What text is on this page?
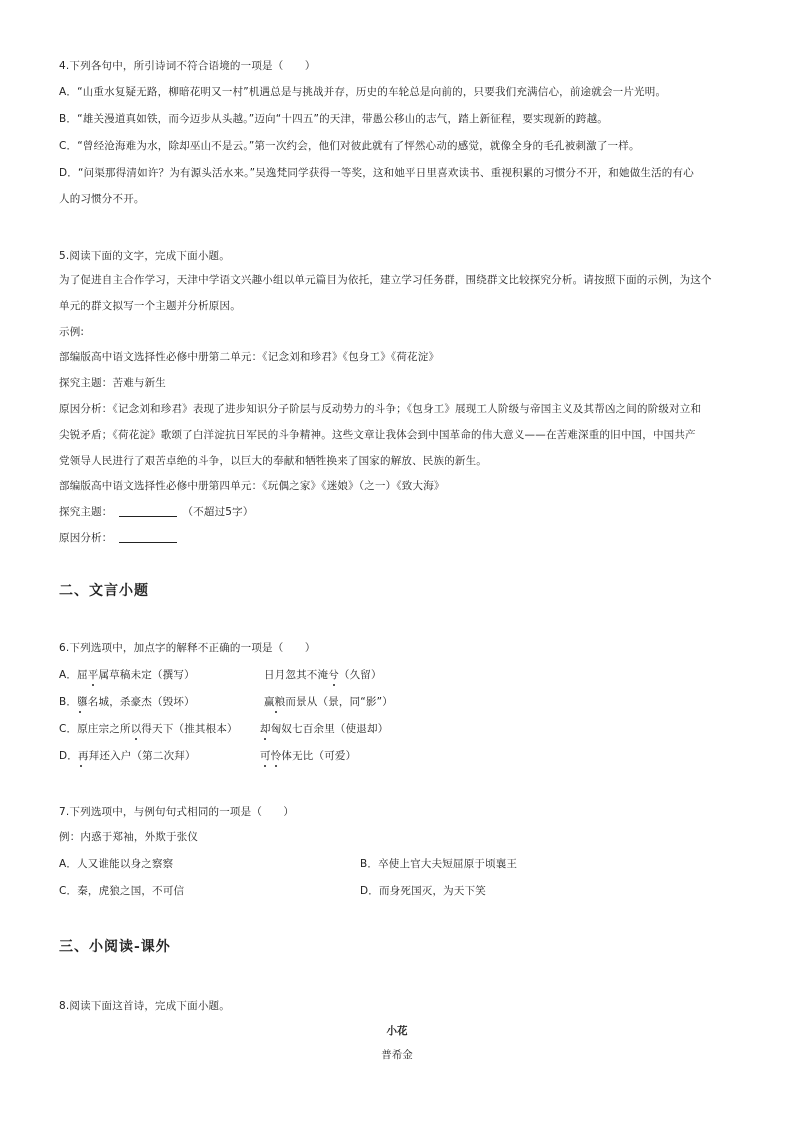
4.下列各句中，所引诗词不符合语境的一项是（　　）
A．“山重水复疑无路，柳暗花明又一村”机遇总是与挑战并存，历史的车轮总是向前的，只要我们充满信心，前途就会一片光明。
B．“雄关漫道真如铁，而今迈步从头越。”迈向“十四五”的天津，带愚公移山的志气，踏上新征程，要实现新的跨越。
C．“曾经沧海难为水，除却巫山不是云。”第一次约会，他们对彼此就有了怦然心动的感觉，就像全身的毛孔被刺激了一样。
D．“问渠那得清如许？为有源头活水来。”吴逸梵同学获得一等奖，这和她平日里喜欢读书、重视积累的习惯分不开，和她做生活的有心
人的习惯分不开。
5.阅读下面的文字，完成下面小题。
为了促进自主合作学习，天津中学语文兴趣小组以单元篇目为依托，建立学习任务群，围绕群文比较探究分析。请按照下面的示例，为这个
单元的群文拟写一个主题并分析原因。
示例:
部编版高中语文选择性必修中册第二单元：《记念刘和珍君》《包身工》《荷花淀》
探究主题：苦难与新生
原因分析：《记念刘和珍君》表现了进步知识分子阶层与反动势力的斗争；《包身工》展现工人阶级与帝国主义及其帮凶之间的阶级对立和
尖锐矛盾；《荷花淀》歌颂了白洋淀抗日军民的斗争精神。这些文章让我体会到中国革命的伟大意义——在苦难深重的旧中国，中国共产
党领导人民进行了艰苦卓绝的斗争，以巨大的奉献和牺牲换来了国家的解放、民族的新生。
部编版高中语文选择性必修中册第四单元：《玩偶之家》《迷娘》（之一）《致大海》
探究主题：	（不超过5字）
原因分析：
二、文言小题
6.下列选项中，加点字的解释不正确的一项是（　　）
A．屈平属草稿未定（撰写）	日月忽其不淹兮（久留）
B．隳名城，杀豪杰（毁坏）	赢粮而景从（景，同“影”）
C．原庄宗之所以得天下（推其根本） 却匈奴七百余里（使退却）
D．再拜还入户（第二次拜）	可怜体无比（可爱）
7.下列选项中，与例句句式相同的一项是（　　）
例：内惑于郑袖，外欺于张仪
A．人又谁能以身之察察	B．卒使上官大夫短屈原于顷襄王
C．秦，虎狼之国，不可信	D．而身死国灭，为天下笑
三、小阅读-课外
8.阅读下面这首诗，完成下面小题。
小花
普希金
